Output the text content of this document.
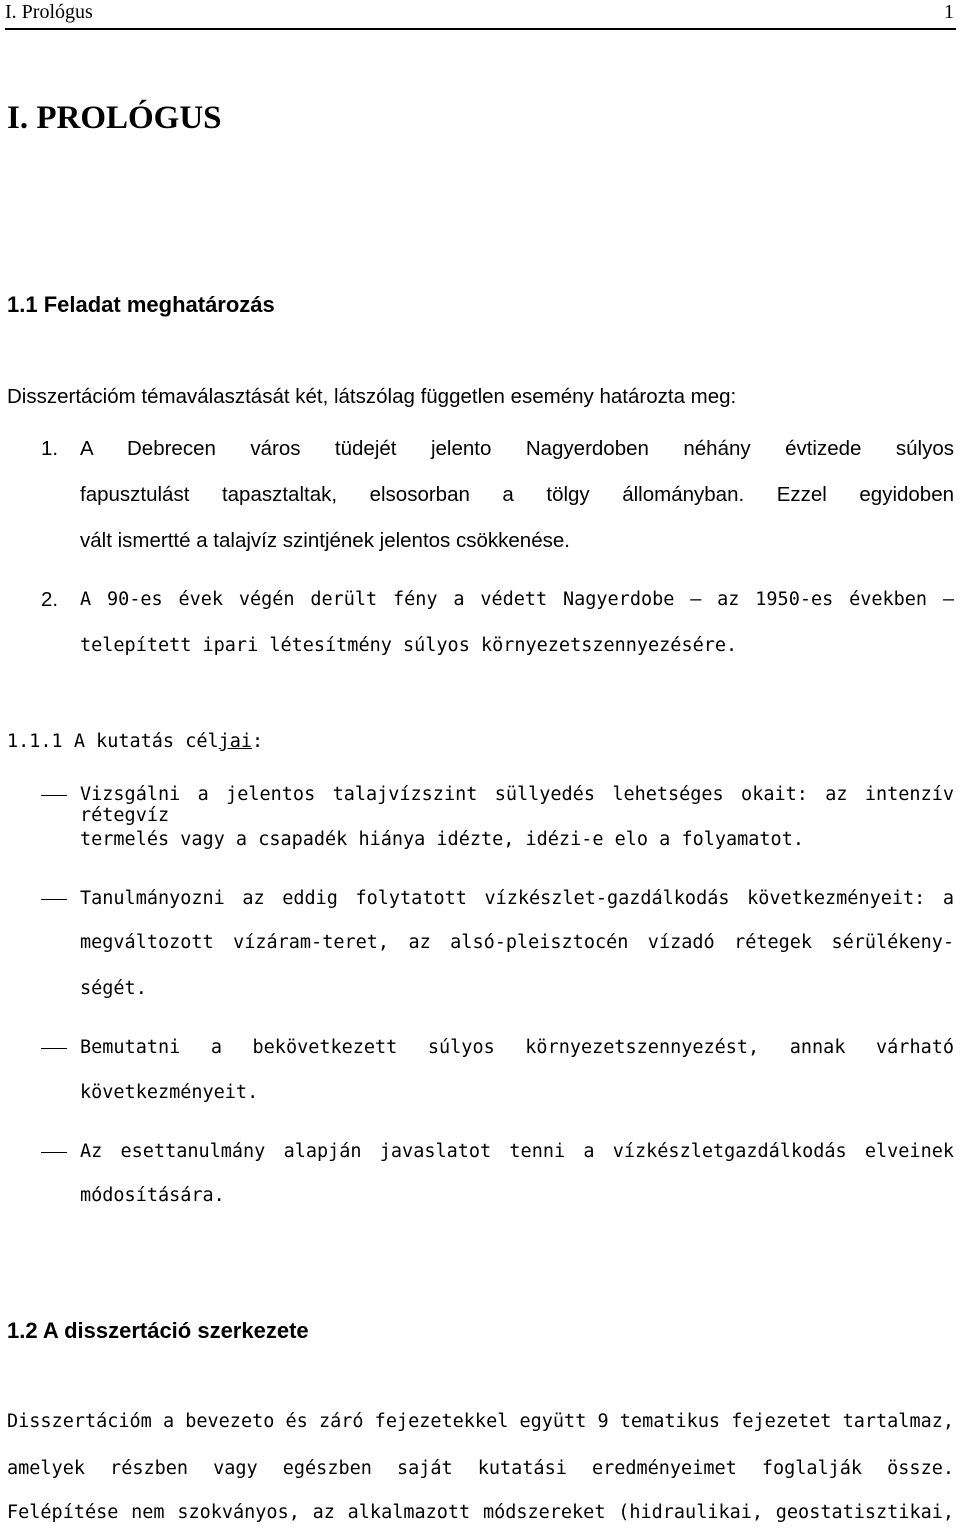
I. Prológus	1
I. PROLÓGUS
1.1 Feladat meghatározás
Disszertációm témaválasztását két, látszólag független esemény határozta meg:
1. A Debrecen város tüdejét jelento Nagyerdoben néhány évtizede súlyos
fapusztulást tapasztaltak, elsosorban a tölgy állományban. Ezzel egyidoben
vált ismertté a talajvíz szintjének jelentos csökkenése.
2. A 90-es évek végén derült fény a védett Nagyerdobe – az 1950-es években –
telepített ipari létesítmény súlyos környezetszennyezésére.
1.1.1 A kutatás céljai:
Vizsgálni a jelentos talajvízszint süllyedés lehetséges okait: az intenzív rétegvíz
termelés vagy a csapadék hiánya idézte, idézi-e elo a folyamatot.
Tanulmányozni az eddig folytatott vízkészlet-gazdálkodás következményeit: a
megváltozott vízáram-teret, az alsó-pleisztocén vízadó rétegek sérülékeny-
ségét.
Bemutatni a bekövetkezett súlyos környezetszennyezést, annak várható
következményeit.
Az esettanulmány alapján javaslatot tenni a vízkészletgazdálkodás elveinek
módosítására.
1.2 A disszertáció szerkezete
Disszertációm a bevezeto és záró fejezetekkel együtt 9 tematikus fejezetet tartalmaz,
amelyek részben vagy egészben saját kutatási eredményeimet foglalják össze.
Felépítése nem szokványos, az alkalmazott módszereket (hidraulikai, geostatisztikai,
